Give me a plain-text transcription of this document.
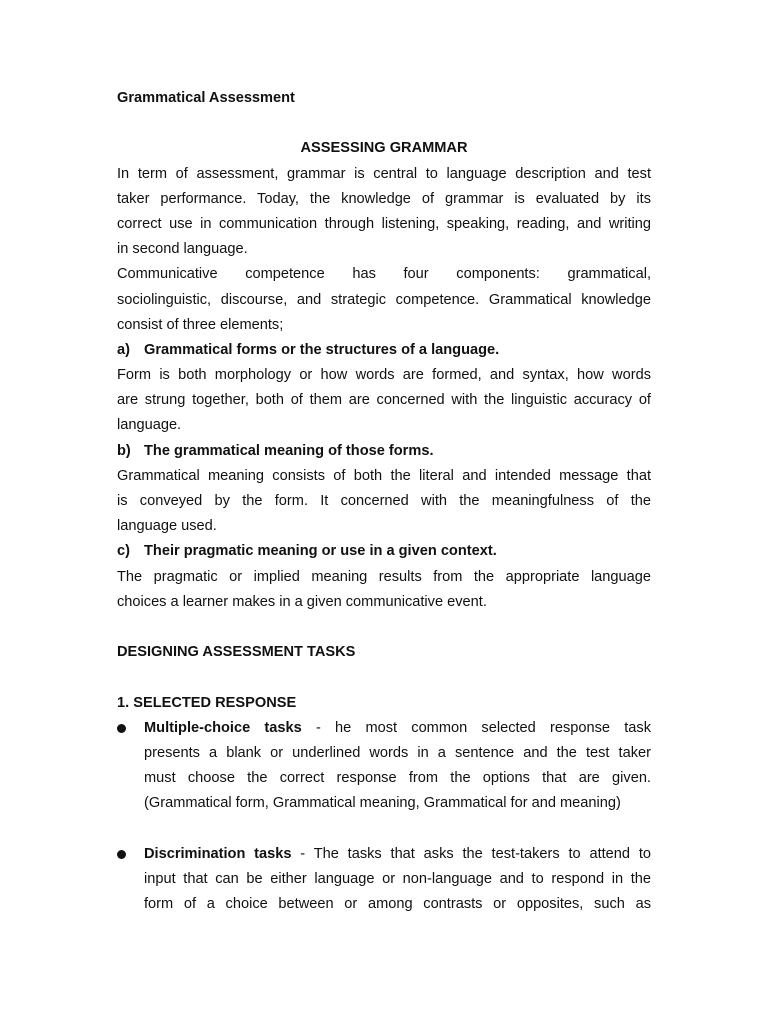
Grammatical Assessment
ASSESSING GRAMMAR
In term of assessment, grammar is central to language description and test
taker performance. Today, the knowledge of grammar is evaluated by its
correct use in communication through listening, speaking, reading, and writing
in second language.
Communicative competence has four components: grammatical,
sociolinguistic, discourse, and strategic competence. Grammatical knowledge
consist of three elements;
a) Grammatical forms or the structures of a language.
Form is both morphology or how words are formed, and syntax, how words
are strung together, both of them are concerned with the linguistic accuracy of
language.
b) The grammatical meaning of those forms.
Grammatical meaning consists of both the literal and intended message that
is conveyed by the form. It concerned with the meaningfulness of the
language used.
c) Their pragmatic meaning or use in a given context.
The pragmatic or implied meaning results from the appropriate language
choices a learner makes in a given communicative event.
DESIGNING ASSESSMENT TASKS
1. SELECTED RESPONSE
Multiple-choice tasks - he most common selected response task
presents a blank or underlined words in a sentence and the test taker
must choose the correct response from the options that are given.
(Grammatical form, Grammatical meaning, Grammatical for and meaning)
Discrimination tasks - The tasks that asks the test-takers to attend to
input that can be either language or non-language and to respond in the
form of a choice between or among contrasts or opposites, such as
